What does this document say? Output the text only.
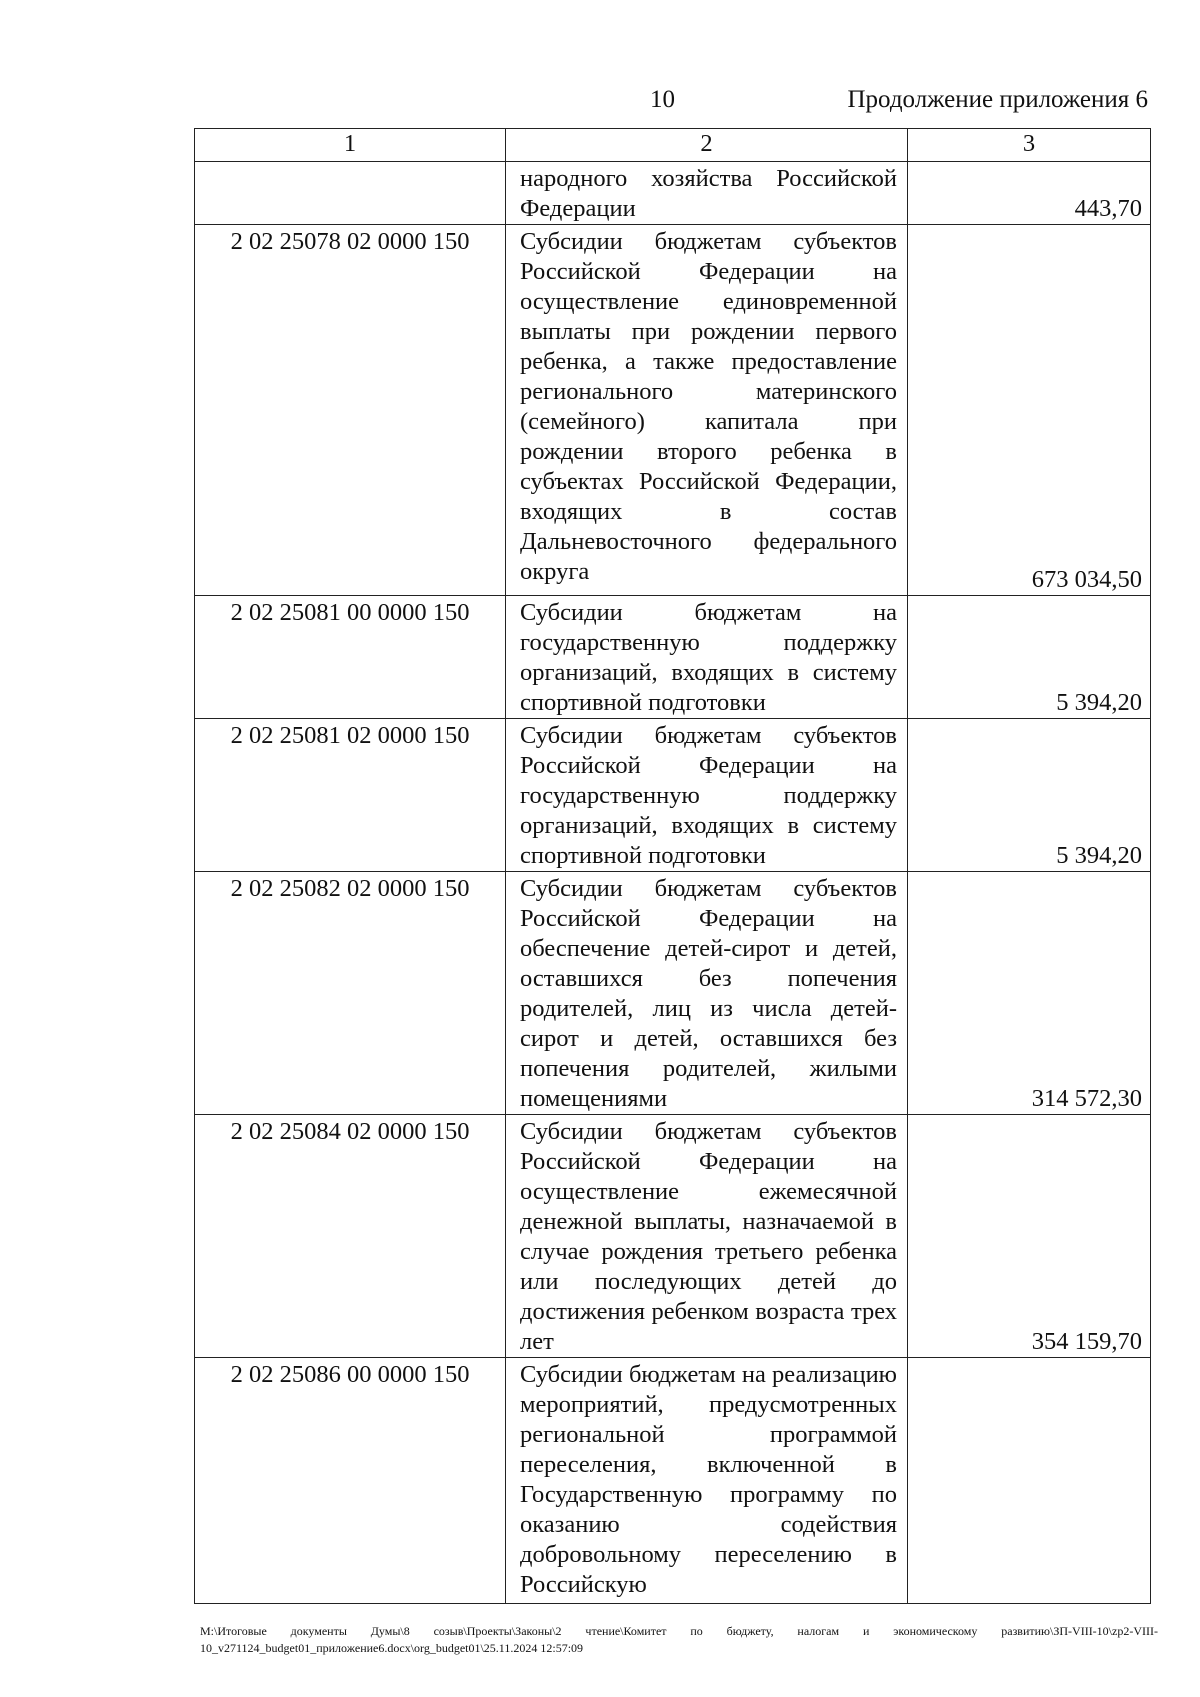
10	Продолжение приложения 6
1	2	3
	народного хозяйства Российской Федерации	443,70
2 02 25078 02 0000 150	Субсидии бюджетам субъектов Российской Федерации на осуществление единовременной выплаты при рождении первого ребенка, а также предоставление регионального материнского (семейного) капитала при рождении второго ребенка в субъектах Российской Федерации, входящих в состав Дальневосточного федерального округа	673 034,50
2 02 25081 00 0000 150	Субсидии бюджетам на государственную поддержку организаций, входящих в систему спортивной подготовки	5 394,20
2 02 25081 02 0000 150	Субсидии бюджетам субъектов Российской Федерации на государственную поддержку организаций, входящих в систему спортивной подготовки	5 394,20
2 02 25082 02 0000 150	Субсидии бюджетам субъектов Российской Федерации на обеспечение детей-сирот и детей, оставшихся без попечения родителей, лиц из числа детей-сирот и детей, оставшихся без попечения родителей, жилыми помещениями	314 572,30
2 02 25084 02 0000 150	Субсидии бюджетам субъектов Российской Федерации на осуществление ежемесячной денежной выплаты, назначаемой в случае рождения третьего ребенка или последующих детей до достижения ребенком возраста трех лет	354 159,70
2 02 25086 00 0000 150	Субсидии бюджетам на реализацию мероприятий, предусмотренных региональной программой переселения, включенной в Государственную программу по оказанию содействия добровольному переселению в Российскую	
M:\Итоговые документы Думы\8 созыв\Проекты\Законы\2 чтение\Комитет по бюджету, налогам и экономическому развитию\ЗП-VIII-10\zp2-VIII-10_v271124_budget01_приложение6.docx\org_budget01\25.11.2024 12:57:09
